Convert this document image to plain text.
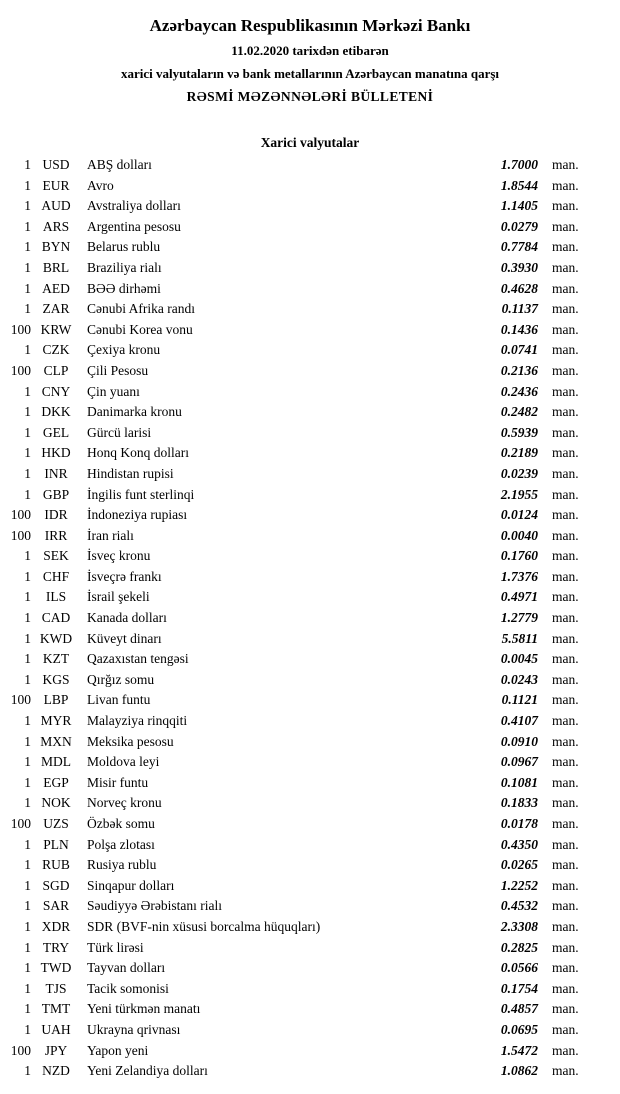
Azərbaycan Respublikasının Mərkəzi Bankı
11.02.2020 tarixdən etibarən
xarici valyutaların və bank metallarının Azərbaycan manatına qarşı
RƏSMİ MƏZƏNNƏLƏRİ BÜLLETENİ
Xarici valyutalar
1 USD	ABŞ dolları	1.7000 man.
1 EUR	Avro	1.8544 man.
1 AUD	Avstraliya dolları	1.1405 man.
1 ARS	Argentina pesosu	0.0279 man.
1 BYN	Belarus rublu	0.7784 man.
1 BRL	Braziliya rialı	0.3930 man.
1 AED	BƏƏ dirhəmi	0.4628 man.
1 ZAR	Cənubi Afrika randı	0.1137 man.
100 KRW	Cənubi Korea vonu	0.1436 man.
1 CZK	Çexiya kronu	0.0741 man.
100 CLP	Çili Pesosu	0.2136 man.
1 CNY	Çin yuanı	0.2436 man.
1 DKK	Danimarka kronu	0.2482 man.
1 GEL	Gürcü larisi	0.5939 man.
1 HKD	Honq Konq dolları	0.2189 man.
1 INR	Hindistan rupisi	0.0239 man.
1 GBP	İngilis funt sterlinqi	2.1955 man.
100 IDR	İndoneziya rupiası	0.0124 man.
100	IRR	İran rialı	0.0040 man.
1 SEK	İsveç kronu	0.1760 man.
1 CHF	İsveçrə frankı	1.7376 man.
1	ILS	İsrail şekeli	0.4971 man.
1 CAD	Kanada dolları	1.2779 man.
1 KWD	Küveyt dinarı	5.5811 man.
1 KZT	Qazaxıstan tengəsi	0.0045 man.
1 KGS	Qırğız somu	0.0243 man.
100 LBP	Livan funtu	0.1121 man.
1 MYR	Malayziya rinqqiti	0.4107 man.
1 MXN	Meksika pesosu	0.0910 man.
1 MDL	Moldova leyi	0.0967 man.
1 EGP	Misir funtu	0.1081 man.
1 NOK	Norveç kronu	0.1833 man.
100 UZS	Özbək somu	0.0178 man.
1 PLN	Polşa zlotası	0.4350 man.
1 RUB	Rusiya rublu	0.0265 man.
1 SGD	Sinqapur dolları	1.2252 man.
1 SAR	Səudiyyə Ərəbistanı rialı	0.4532 man.
1 XDR	SDR (BVF-nin xüsusi borcalma hüquqları)	2.3308 man.
1 TRY	Türk lirəsi	0.2825 man.
1 TWD	Tayvan dolları	0.0566 man.
1	TJS	Tacik somonisi	0.1754 man.
1 TMT	Yeni türkmən manatı	0.4857 man.
1 UAH	Ukrayna qrivnası	0.0695 man.
100	JPY	Yapon yeni	1.5472 man.
1 NZD	Yeni Zelandiya dolları	1.0862 man.
